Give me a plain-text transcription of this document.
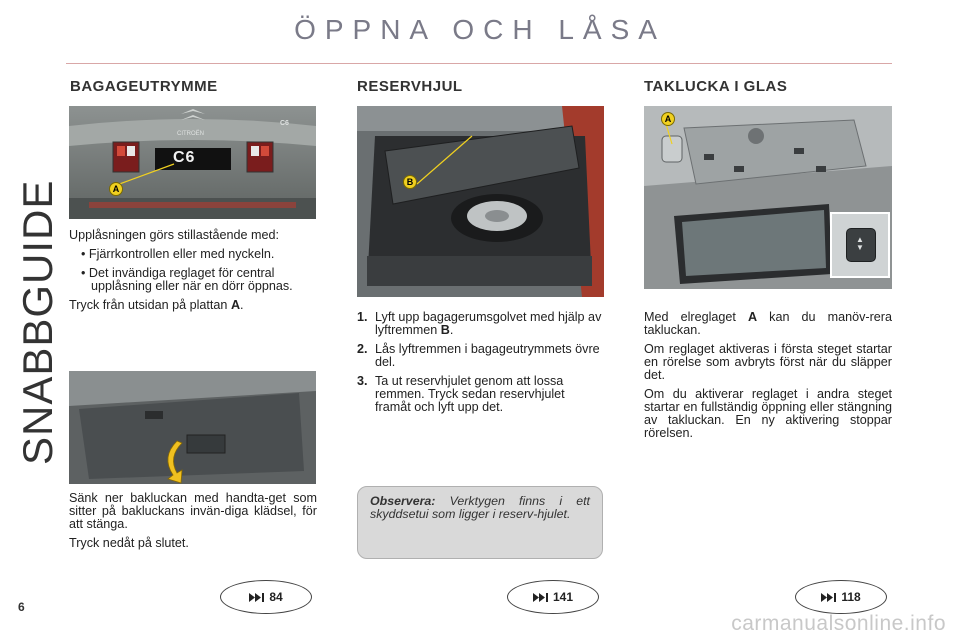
ÖPPNA OCH LÅSA
SNABBGUIDE
6
BAGAGEUTRYMME
C6
CITROËN
C6
A

Upplåsningen görs stillastående med:

• Fjärrkontrollen eller med nyckeln.

• Det invändiga reglaget för central upplåsning eller när en dörr öppnas.

Tryck från utsidan på plattan A.

Sänk ner bakluckan med handta-get som sitter på bakluckans invän-diga klädsel, för att stänga.

Tryck nedåt på slutet.

RESERVHJUL
B

1. Lyft upp bagagerumsgolvet med hjälp av lyftremmen B.

2. Lås lyftremmen i bagageutrymmets övre del.

3. Ta ut reservhjulet genom att lossa remmen. Tryck sedan reservhjulet framåt och lyft upp det.

Observera: Verktygen finns i ett skyddsetui som ligger i reserv-hjulet.
TAKLUCKA I GLAS
A
▲
▼

Med elreglaget A kan du manöv-rera takluckan.

Om reglaget aktiveras i första steget startar en rörelse som avbryts först när du släpper det.

Om du aktiverar reglaget i andra steget startar en fullständig öppning eller stängning av takluckan. En ny aktivering stoppar rörelsen.

84	141	118
carmanualsonline.info
